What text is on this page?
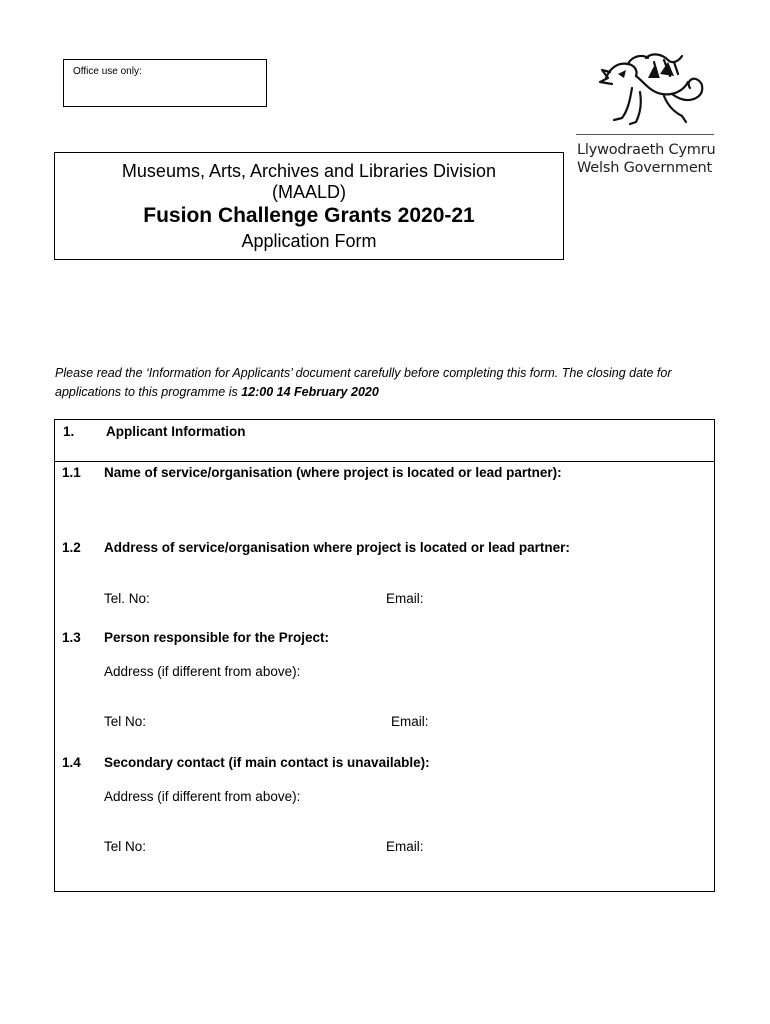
Office use only:
Llywodraeth Cymru
Welsh Government
Museums, Arts, Archives and Libraries Division
(MAALD)
Fusion Challenge Grants 2020-21
Application Form
Please read the ‘Information for Applicants’ document carefully before completing this form. The closing date for applications to this programme is 12:00 14 February 2020
1. Applicant Information
1.1 Name of service/organisation (where project is located or lead partner):
1.2 Address of service/organisation where project is located or lead partner:
Tel. No:	Email:
1.3 Person responsible for the Project:
Address (if different from above):
Tel No:	Email:
1.4 Secondary contact (if main contact is unavailable):
Address (if different from above):
Tel No:	Email:
